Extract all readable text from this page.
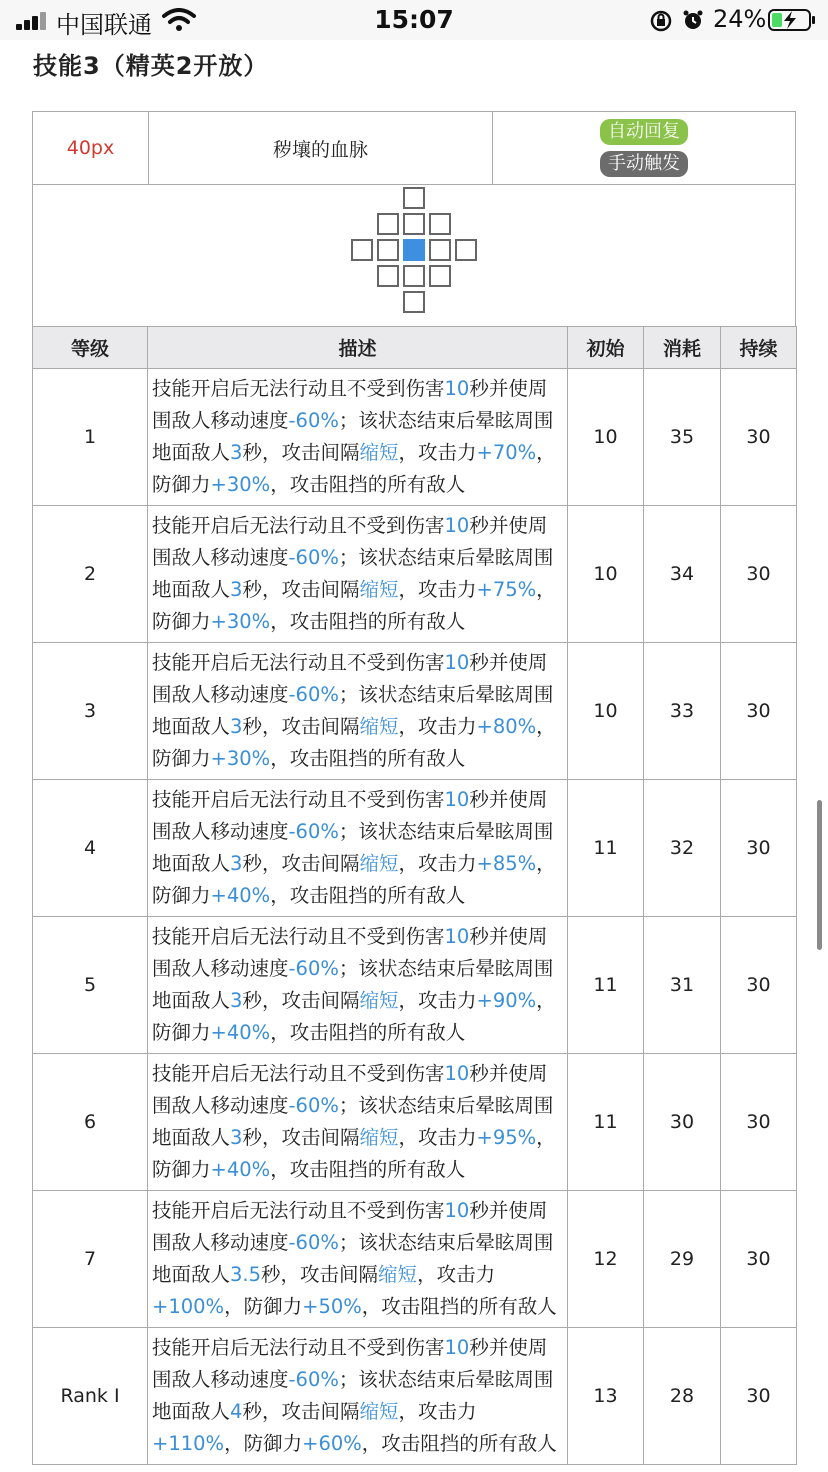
中国联通	15:07	24%
技能3（精英2开放）
40px	秽壤的血脉
自动回复
手动触发
等级	描述	初始	消耗	持续
1	技能开启后无法行动且不受到伤害10秒并使周围敌人移动速度-60%；该状态结束后晕眩周围地面敌人3秒，攻击间隔缩短，攻击力+70%，防御力+30%，攻击阻挡的所有敌人	10	35	30
2	技能开启后无法行动且不受到伤害10秒并使周围敌人移动速度-60%；该状态结束后晕眩周围地面敌人3秒，攻击间隔缩短，攻击力+75%，防御力+30%，攻击阻挡的所有敌人	10	34	30
3	技能开启后无法行动且不受到伤害10秒并使周围敌人移动速度-60%；该状态结束后晕眩周围地面敌人3秒，攻击间隔缩短，攻击力+80%，防御力+30%，攻击阻挡的所有敌人	10	33	30
4	技能开启后无法行动且不受到伤害10秒并使周围敌人移动速度-60%；该状态结束后晕眩周围地面敌人3秒，攻击间隔缩短，攻击力+85%，防御力+40%，攻击阻挡的所有敌人	11	32	30
5	技能开启后无法行动且不受到伤害10秒并使周围敌人移动速度-60%；该状态结束后晕眩周围地面敌人3秒，攻击间隔缩短，攻击力+90%，防御力+40%，攻击阻挡的所有敌人	11	31	30
6	技能开启后无法行动且不受到伤害10秒并使周围敌人移动速度-60%；该状态结束后晕眩周围地面敌人3秒，攻击间隔缩短，攻击力+95%，防御力+40%，攻击阻挡的所有敌人	11	30	30
7	技能开启后无法行动且不受到伤害10秒并使周围敌人移动速度-60%；该状态结束后晕眩周围地面敌人3.5秒，攻击间隔缩短，攻击力+100%，防御力+50%，攻击阻挡的所有敌人	12	29	30
Rank I	技能开启后无法行动且不受到伤害10秒并使周围敌人移动速度-60%；该状态结束后晕眩周围地面敌人4秒，攻击间隔缩短，攻击力+110%，防御力+60%，攻击阻挡的所有敌人	13	28	30
